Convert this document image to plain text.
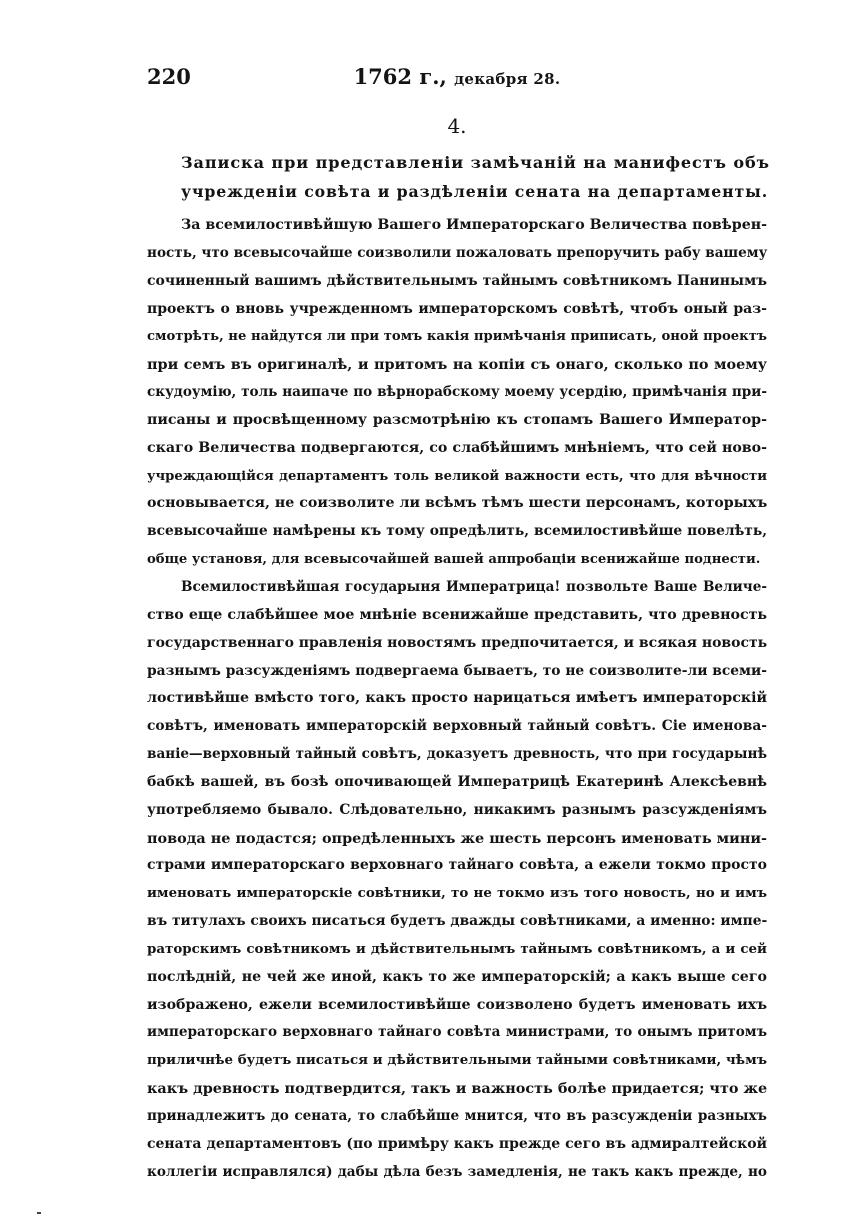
220	1762 г., декабря 28.
4.
Записка при представленіи замѣчаній на манифестъ объ
учрежденіи совѣта и раздѣленіи сената на департаменты.
За всемилостивѣйшую Вашего Императорскаго Величества повѣрен-
ность, что всевысочайше соизволили пожаловать препоручить рабу вашему
сочиненный вашимъ дѣйствительнымъ тайнымъ совѣтникомъ Панинымъ
проектъ о вновь учрежденномъ императорскомъ совѣтѣ, чтобъ оный раз-
смотрѣть, не найдутся ли при томъ какія примѣчанія приписать, оной проектъ
при семъ въ оригиналѣ, и притомъ на копіи съ онаго, сколько по моему
скудоумію, толь наипаче по вѣрнорабскому моему усердію, примѣчанія при-
писаны и просвѣщенному разсмотрѣнію къ стопамъ Вашего Император-
скаго Величества подвергаются, со слабѣйшимъ мнѣніемъ, что сей ново-
учреждающійся департаментъ толь великой важности есть, что для вѣчности
основывается, не соизволите ли всѣмъ тѣмъ шести персонамъ, которыхъ
всевысочайше намѣрены къ тому опредѣлить, всемилостивѣйше повелѣть,
обще установя, для всевысочайшей вашей аппробаціи всенижайше поднести.
Всемилостивѣйшая государыня Императрица! позвольте Ваше Величе-
ство еще слабѣйшее мое мнѣніе всенижайше представить, что древность
государственнаго правленія новостямъ предпочитается, и всякая новость
разнымъ разсужденіямъ подвергаема бываетъ, то не соизволите-ли всеми-
лостивѣйше вмѣсто того, какъ просто нарицаться имѣетъ императорскій
совѣтъ, именовать императорскій верховный тайный совѣтъ. Сіе именова-
ваніе—верховный тайный совѣтъ, доказуетъ древность, что при государынѣ
бабкѣ вашей, въ бозѣ опочивающей Императрицѣ Екатеринѣ Алексѣевнѣ
употребляемо бывало. Слѣдовательно, никакимъ разнымъ разсужденіямъ
повода не подастся; опредѣленныхъ же шесть персонъ именовать мини-
страми императорскаго верховнаго тайнаго совѣта, а ежели токмо просто
именовать императорскіе совѣтники, то не токмо изъ того новость, но и имъ
въ титулахъ своихъ писаться будетъ дважды совѣтниками, а именно: импе-
раторскимъ совѣтникомъ и дѣйствительнымъ тайнымъ совѣтникомъ, а и сей
послѣдній, не чей же иной, какъ то же императорскій; а какъ выше сего
изображено, ежели всемилостивѣйше соизволено будетъ именовать ихъ
императорскаго верховнаго тайнаго совѣта министрами, то онымъ притомъ
приличнѣе будетъ писаться и дѣйствительными тайными совѣтниками, чѣмъ
какъ древность подтвердится, такъ и важность болѣе придается; что же
принадлежитъ до сената, то слабѣйше мнится, что въ разсужденіи разныхъ
сената департаментовъ (по примѣру какъ прежде сего въ адмиралтейской
коллегіи исправлялся) дабы дѣла безъ замедленія, не такъ какъ прежде, но
